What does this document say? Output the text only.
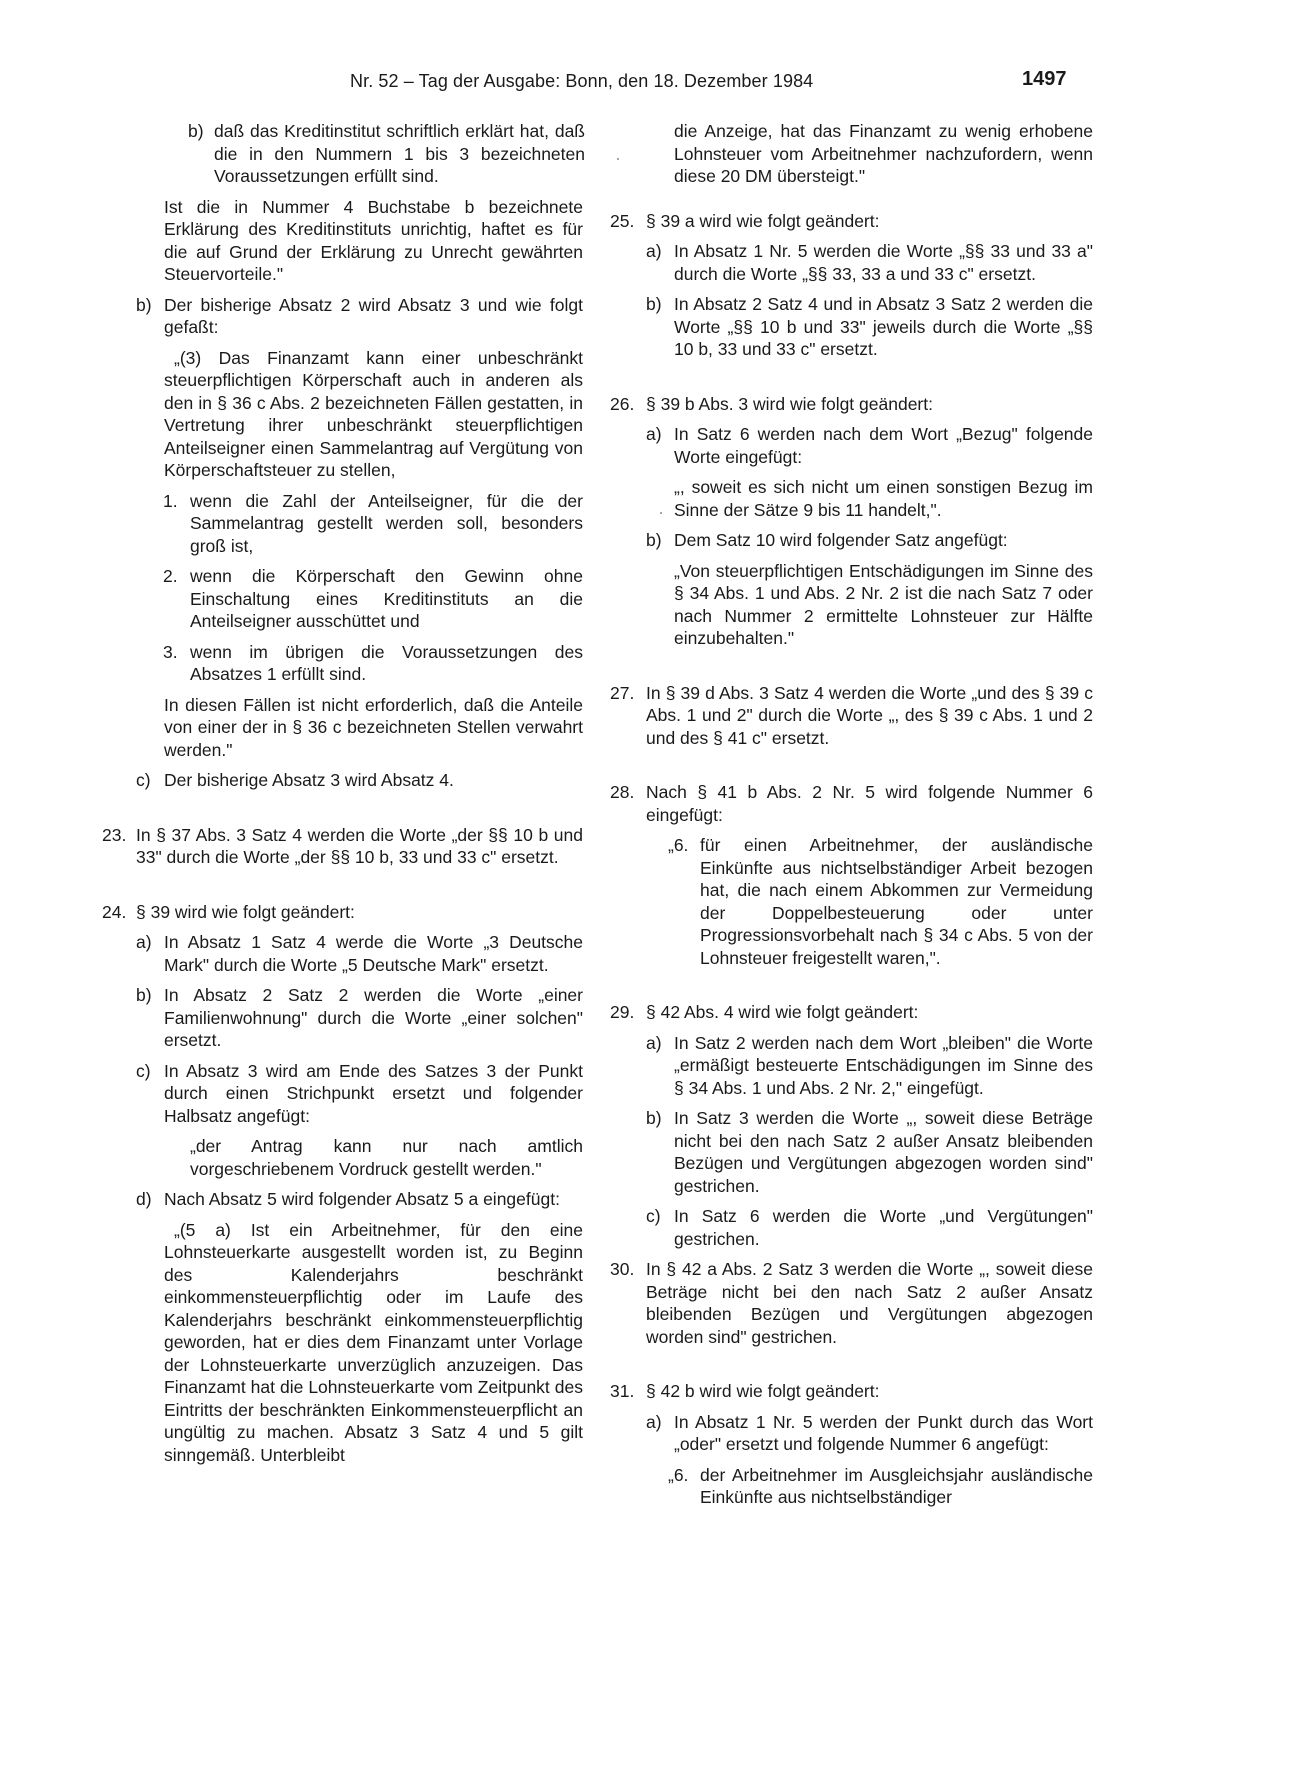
Nr. 52 – Tag der Ausgabe: Bonn, den 18. Dezember 1984	1497
b) daß das Kreditinstitut schriftlich erklärt hat, daß die in den Nummern 1 bis 3 bezeichneten Voraussetzungen erfüllt sind.

Ist die in Nummer 4 Buchstabe b bezeichnete Erklärung des Kreditinstituts unrichtig, haftet es für die auf Grund der Erklärung zu Unrecht gewährten Steuervorteile."

b) Der bisherige Absatz 2 wird Absatz 3 und wie folgt gefaßt:

„(3) Das Finanzamt kann einer unbeschränkt steuerpflichtigen Körperschaft auch in anderen als den in § 36 c Abs. 2 bezeichneten Fällen gestatten, in Vertretung ihrer unbeschränkt steuerpflichtigen Anteilseigner einen Sammelantrag auf Vergütung von Körperschaftsteuer zu stellen,

1. wenn die Zahl der Anteilseigner, für die der Sammelantrag gestellt werden soll, besonders groß ist,

2. wenn die Körperschaft den Gewinn ohne Einschaltung eines Kreditinstituts an die Anteilseigner ausschüttet und

3. wenn im übrigen die Voraussetzungen des Absatzes 1 erfüllt sind.

In diesen Fällen ist nicht erforderlich, daß die Anteile von einer der in § 36 c bezeichneten Stellen verwahrt werden."

c) Der bisherige Absatz 3 wird Absatz 4.

23. In § 37 Abs. 3 Satz 4 werden die Worte „der §§ 10 b und 33" durch die Worte „der §§ 10 b, 33 und 33 c" ersetzt.

24. § 39 wird wie folgt geändert:

a) In Absatz 1 Satz 4 werde die Worte „3 Deutsche Mark" durch die Worte „5 Deutsche Mark" ersetzt.

b) In Absatz 2 Satz 2 werden die Worte „einer Familienwohnung" durch die Worte „einer solchen" ersetzt.

c) In Absatz 3 wird am Ende des Satzes 3 der Punkt durch einen Strichpunkt ersetzt und folgender Halbsatz angefügt:

„der Antrag kann nur nach amtlich vorgeschriebenem Vordruck gestellt werden."

d) Nach Absatz 5 wird folgender Absatz 5 a eingefügt:

„(5 a) Ist ein Arbeitnehmer, für den eine Lohnsteuerkarte ausgestellt worden ist, zu Beginn des Kalenderjahrs beschränkt einkommensteuerpflichtig oder im Laufe des Kalenderjahrs beschränkt einkommensteuerpflichtig geworden, hat er dies dem Finanzamt unter Vorlage der Lohnsteuerkarte unverzüglich anzuzeigen. Das Finanzamt hat die Lohnsteuerkarte vom Zeitpunkt des Eintritts der beschränkten Einkommensteuerpflicht an ungültig zu machen. Absatz 3 Satz 4 und 5 gilt sinngemäß. Unterbleibt

die Anzeige, hat das Finanzamt zu wenig erhobene Lohnsteuer vom Arbeitnehmer nachzufordern, wenn diese 20 DM übersteigt."

25. § 39 a wird wie folgt geändert:

a) In Absatz 1 Nr. 5 werden die Worte „§§ 33 und 33 a" durch die Worte „§§ 33, 33 a und 33 c" ersetzt.

b) In Absatz 2 Satz 4 und in Absatz 3 Satz 2 werden die Worte „§§ 10 b und 33" jeweils durch die Worte „§§ 10 b, 33 und 33 c" ersetzt.

26. § 39 b Abs. 3 wird wie folgt geändert:

a) In Satz 6 werden nach dem Wort „Bezug" folgende Worte eingefügt:

„, soweit es sich nicht um einen sonstigen Bezug im Sinne der Sätze 9 bis 11 handelt,".

b) Dem Satz 10 wird folgender Satz angefügt:

„Von steuerpflichtigen Entschädigungen im Sinne des § 34 Abs. 1 und Abs. 2 Nr. 2 ist die nach Satz 7 oder nach Nummer 2 ermittelte Lohnsteuer zur Hälfte einzubehalten."

27. In § 39 d Abs. 3 Satz 4 werden die Worte „und des § 39 c Abs. 1 und 2" durch die Worte „, des § 39 c Abs. 1 und 2 und des § 41 c" ersetzt.

28. Nach § 41 b Abs. 2 Nr. 5 wird folgende Nummer 6 eingefügt:

„6. für einen Arbeitnehmer, der ausländische Einkünfte aus nichtselbständiger Arbeit bezogen hat, die nach einem Abkommen zur Vermeidung der Doppelbesteuerung oder unter Progressionsvorbehalt nach § 34 c Abs. 5 von der Lohnsteuer freigestellt waren,".

29. § 42 Abs. 4 wird wie folgt geändert:

a) In Satz 2 werden nach dem Wort „bleiben" die Worte „ermäßigt besteuerte Entschädigungen im Sinne des § 34 Abs. 1 und Abs. 2 Nr. 2," eingefügt.

b) In Satz 3 werden die Worte „, soweit diese Beträge nicht bei den nach Satz 2 außer Ansatz bleibenden Bezügen und Vergütungen abgezogen worden sind" gestrichen.

c) In Satz 6 werden die Worte „und Vergütungen" gestrichen.

30. In § 42 a Abs. 2 Satz 3 werden die Worte „, soweit diese Beträge nicht bei den nach Satz 2 außer Ansatz bleibenden Bezügen und Vergütungen abgezogen worden sind" gestrichen.

31. § 42 b wird wie folgt geändert:

a) In Absatz 1 Nr. 5 werden der Punkt durch das Wort „oder" ersetzt und folgende Nummer 6 angefügt:

„6. der Arbeitnehmer im Ausgleichsjahr ausländische Einkünfte aus nichtselbständiger
